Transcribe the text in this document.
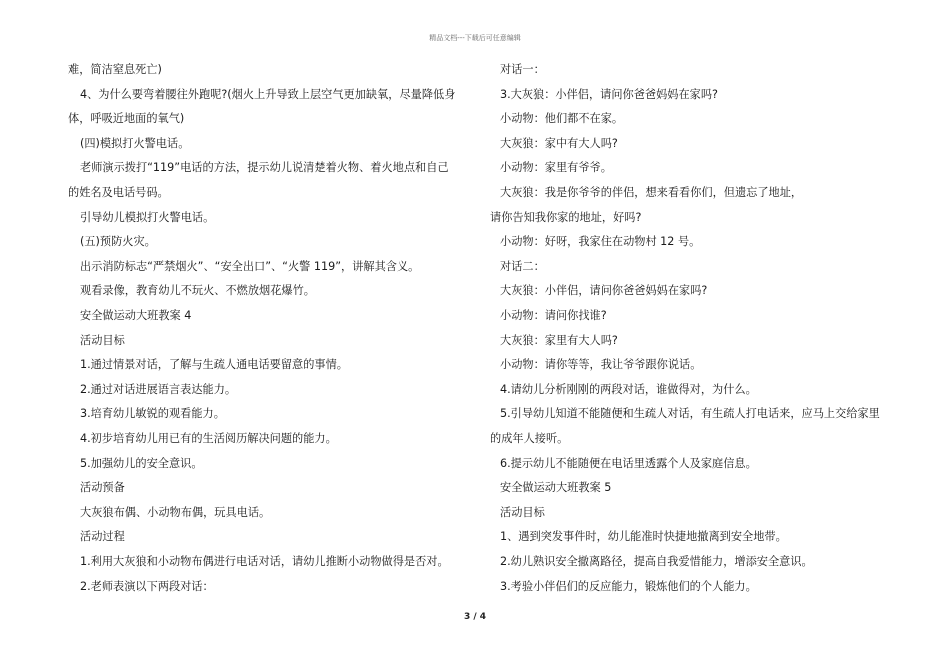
精品文档---下载后可任意编辑
难，简洁窒息死亡)
4、为什么要弯着腰往外跑呢?(烟火上升导致上层空气更加缺氧，尽量降低身
体，呼吸近地面的氧气)
(四)模拟打火警电话。
老师演示拨打“119”电话的方法，提示幼儿说清楚着火物、着火地点和自己
的姓名及电话号码。
引导幼儿模拟打火警电话。
(五)预防火灾。
出示消防标志“严禁烟火”、“安全出口”、“火警 119”，讲解其含义。
观看录像，教育幼儿不玩火、不燃放烟花爆竹。
安全做运动大班教案 4
活动目标
1.通过情景对话，了解与生疏人通电话要留意的事情。
2.通过对话进展语言表达能力。
3.培育幼儿敏锐的观看能力。
4.初步培育幼儿用已有的生活阅历解决问题的能力。
5.加强幼儿的安全意识。
活动预备
大灰狼布偶、小动物布偶，玩具电话。
活动过程
1.利用大灰狼和小动物布偶进行电话对话，请幼儿推断小动物做得是否对。
2.老师表演以下两段对话：
对话一：
3.大灰狼：小伴侣，请问你爸爸妈妈在家吗?
小动物：他们都不在家。
大灰狼：家中有大人吗?
小动物：家里有爷爷。
大灰狼：我是你爷爷的伴侣，想来看看你们，但遗忘了地址，
请你告知我你家的地址，好吗?
小动物：好呀，我家住在动物村 12 号。
对话二：
大灰狼：小伴侣，请问你爸爸妈妈在家吗?
小动物：请问你找谁?
大灰狼：家里有大人吗?
小动物：请你等等，我让爷爷跟你说话。
4.请幼儿分析刚刚的两段对话，谁做得对，为什么。
5.引导幼儿知道不能随便和生疏人对话，有生疏人打电话来，应马上交给家里
的成年人接听。
6.提示幼儿不能随便在电话里透露个人及家庭信息。
安全做运动大班教案 5
活动目标
1、遇到突发事件时，幼儿能准时快捷地撤离到安全地带。
2.幼儿熟识安全撤离路径，提高自我爱惜能力，增添安全意识。
3.考验小伴侣们的反应能力，锻炼他们的个人能力。
3 / 4
